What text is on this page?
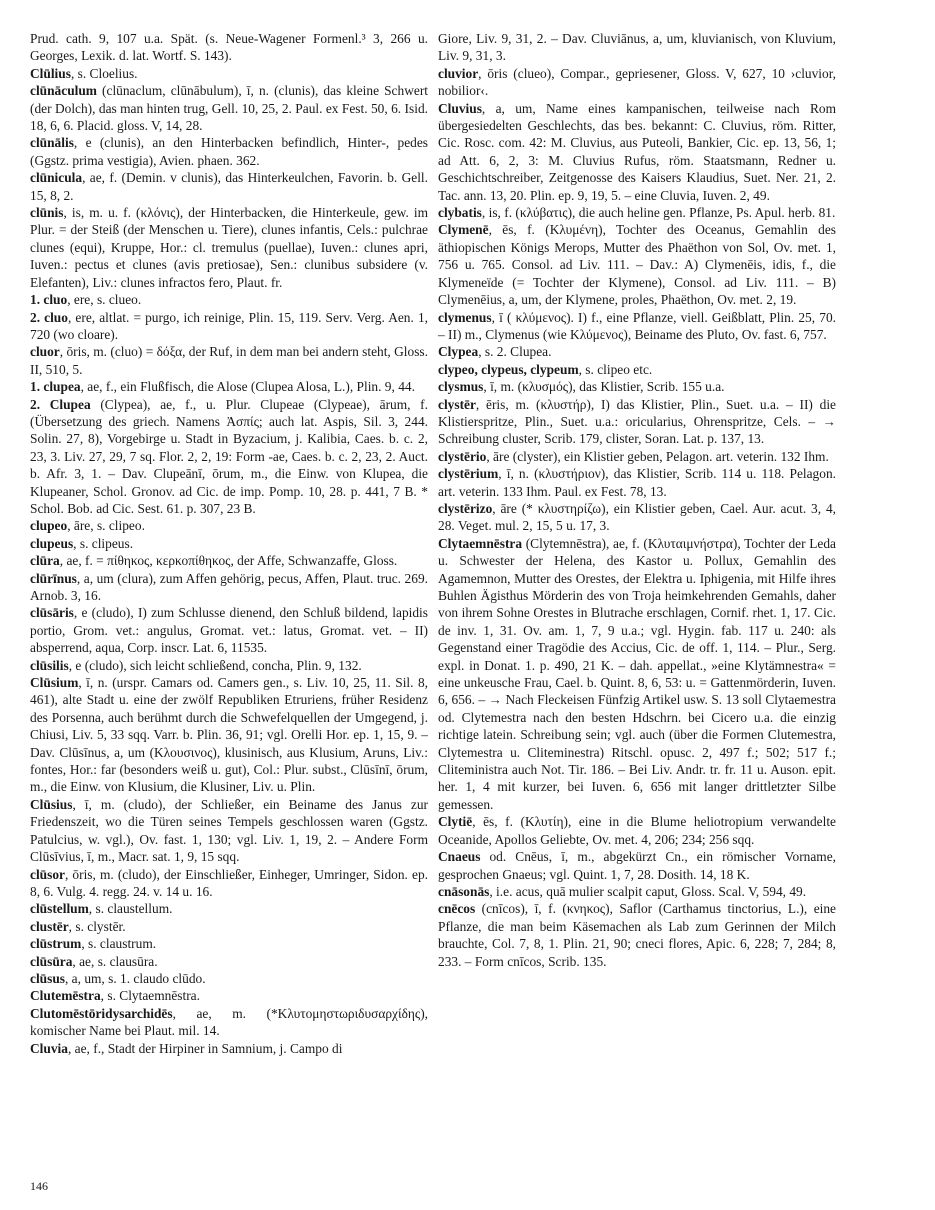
Prud. cath. 9, 107 u.a. Spät. (s. Neue-Wagener Formenl.³ 3, 266 u. Georges, Lexik. d. lat. Wortf. S. 143).

Clūlius, s. Cloelius.

clūnāculum (clūnaclum, clūnābulum), ī, n. (clunis), das kleine Schwert (der Dolch), das man hinten trug, Gell. 10, 25, 2. Paul. ex Fest. 50, 6. Isid. 18, 6, 6. Placid. gloss. V, 14, 28.

clūnālis, e (clunis), an den Hinterbacken befindlich, Hinter-, pedes (Ggstz. prima vestigia), Avien. phaen. 362.

clūnicula, ae, f. (Demin. v clunis), das Hinterkeulchen, Favorin. b. Gell. 15, 8, 2.

clūnis, is, m. u. f. (κλόνις), der Hinterbacken, die Hinterkeule, gew. im Plur. = der Steiß (der Menschen u. Tiere), clunes infantis, Cels.: pulchrae clunes (equi), Kruppe, Hor.: cl. tremulus (puellae), Iuven.: clunes apri, Iuven.: pectus et clunes (avis pretiosae), Sen.: clunibus subsidere (v. Elefanten), Liv.: clunes infractos fero, Plaut. fr.

1. cluo, ere, s. clueo.

2. cluo, ere, altlat. = purgo, ich reinige, Plin. 15, 119. Serv. Verg. Aen. 1, 720 (wo cloare).

cluor, ōris, m. (cluo) = δόξα, der Ruf, in dem man bei andern steht, Gloss. II, 510, 5.

1. clupea, ae, f., ein Flußfisch, die Alose (Clupea Alosa, L.), Plin. 9, 44.

2. Clupea (Clypea), ae, f., u. Plur. Clupeae (Clypeae), ārum, f. (Übersetzung des griech. Namens Ἀσπίς; auch lat. Aspis, Sil. 3, 244. Solin. 27, 8), Vorgebirge u. Stadt in Byzacium, j. Kalibia, Caes. b. c. 2, 23, 3. Liv. 27, 29, 7 sq. Flor. 2, 2, 19: Form -ae, Caes. b. c. 2, 23, 2. Auct. b. Afr. 3, 1. – Dav. Clupeānī, ōrum, m., die Einw. von Klupea, die Klupeaner, Schol. Gronov. ad Cic. de imp. Pomp. 10, 28. p. 441, 7 B. * Schol. Bob. ad Cic. Sest. 61. p. 307, 23 B.

clupeo, āre, s. clipeo.

clupeus, s. clipeus.

clūra, ae, f. = πίθηκος, κερκοπίθηκος, der Affe, Schwanzaffe, Gloss.

clūrīnus, a, um (clura), zum Affen gehörig, pecus, Affen, Plaut. truc. 269. Arnob. 3, 16.

clūsāris, e (cludo), I) zum Schlusse dienend, den Schluß bildend, lapidis portio, Grom. vet.: angulus, Gromat. vet.: latus, Gromat. vet. – II) absperrend, aqua, Corp. inscr. Lat. 6, 11535.

clūsilis, e (cludo), sich leicht schließend, concha, Plin. 9, 132.

Clūsium, ī, n. (urspr. Camars od. Camers gen., s. Liv. 10, 25, 11. Sil. 8, 461), alte Stadt u. eine der zwölf Republiken Etruriens, früher Residenz des Porsenna, auch berühmt durch die Schwefelquellen der Umgegend, j. Chiusi, Liv. 5, 33 sqq. Varr. b. Plin. 36, 91; vgl. Orelli Hor. ep. 1, 15, 9. – Dav. Clūsīnus, a, um (Κλουσινος), klusinisch, aus Klusium, Aruns, Liv.: fontes, Hor.: far (besonders weiß u. gut), Col.: Plur. subst., Clūsīnī, ōrum, m., die Einw. von Klusium, die Klusiner, Liv. u. Plin.

Clūsius, ī, m. (cludo), der Schließer, ein Beiname des Janus zur Friedenszeit, wo die Türen seines Tempels geschlossen waren (Ggstz. Patulcius, w. vgl.), Ov. fast. 1, 130; vgl. Liv. 1, 19, 2. – Andere Form Clūsīvius, ī, m., Macr. sat. 1, 9, 15 sqq.

clūsor, ōris, m. (cludo), der Einschließer, Einheger, Umringer, Sidon. ep. 8, 6. Vulg. 4. regg. 24. v. 14 u. 16.

clūstellum, s. claustellum.

clustēr, s. clystēr.

clūstrum, s. claustrum.

clūsūra, ae, s. clausūra.

clūsus, a, um, s. 1. claudo clūdo.

Clutemēstra, s. Clytaemnēstra.

Clutomēstōridysarchidēs, ae, m. (*Κλυτομηστωριδυσαρχίδης), komischer Name bei Plaut. mil. 14.

Cluvia, ae, f., Stadt der Hirpiner in Samnium, j. Campo di

Giore, Liv. 9, 31, 2. – Dav. Cluviānus, a, um, kluvianisch, von Kluvium, Liv. 9, 31, 3.

cluvior, ōris (clueo), Compar., gepriesener, Gloss. V, 627, 10 ›cluvior, nobilior‹.

Cluvius, a, um, Name eines kampanischen, teilweise nach Rom übergesiedelten Geschlechts, das bes. bekannt: C. Cluvius, röm. Ritter, Cic. Rosc. com. 42: M. Cluvius, aus Puteoli, Bankier, Cic. ep. 13, 56, 1; ad Att. 6, 2, 3: M. Cluvius Rufus, röm. Staatsmann, Redner u. Geschichtschreiber, Zeitgenosse des Kaisers Klaudius, Suet. Ner. 21, 2. Tac. ann. 13, 20. Plin. ep. 9, 19, 5. – eine Cluvia, Iuven. 2, 49.

clybatis, is, f. (κλύβατις), die auch heline gen. Pflanze, Ps. Apul. herb. 81.

Clymenē, ēs, f. (Κλυμένη), Tochter des Oceanus, Gemahlin des äthiopischen Königs Merops, Mutter des Phaëthon von Sol, Ov. met. 1, 756 u. 765. Consol. ad Liv. 111. – Dav.: A) Clymenēis, idis, f., die Klymeneïde (= Tochter der Klymene), Consol. ad Liv. 111. – B) Clymenēius, a, um, der Klymene, proles, Phaëthon, Ov. met. 2, 19.

clymenus, ī ( κλύμενος). I) f., eine Pflanze, viell. Geißblatt, Plin. 25, 70. – II) m., Clymenus (wie Κλύμενος), Beiname des Pluto, Ov. fast. 6, 757.

Clypea, s. 2. Clupea.

clypeo, clypeus, clypeum, s. clipeo etc.

clysmus, ī, m. (κλυσμός), das Klistier, Scrib. 155 u.a.

clystēr, ēris, m. (κλυστήρ), I) das Klistier, Plin., Suet. u.a. – II) die Klistierspritze, Plin., Suet. u.a.: oricularius, Ohrenspritze, Cels. – → Schreibung cluster, Scrib. 179, clister, Soran. Lat. p. 137, 13.

clystērio, āre (clyster), ein Klistier geben, Pelagon. art. veterin. 132 Ihm.

clystērium, ī, n. (κλυστήριον), das Klistier, Scrib. 114 u. 118. Pelagon. art. veterin. 133 Ihm. Paul. ex Fest. 78, 13.

clystērizo, āre (* κλυστηρίζω), ein Klistier geben, Cael. Aur. acut. 3, 4, 28. Veget. mul. 2, 15, 5 u. 17, 3.

Clytaemnēstra (Clytemnēstra), ae, f. (Κλυταιμνήστρα), Tochter der Leda u. Schwester der Helena, des Kastor u. Pollux, Gemahlin des Agamemnon, Mutter des Orestes, der Elektra u. Iphigenia, mit Hilfe ihres Buhlen Ägisthus Mörderin des von Troja heimkehrenden Gemahls, daher von ihrem Sohne Orestes in Blutrache erschlagen, Cornif. rhet. 1, 17. Cic. de inv. 1, 31. Ov. am. 1, 7, 9 u.a.; vgl. Hygin. fab. 117 u. 240: als Gegenstand einer Tragödie des Accius, Cic. de off. 1, 114. – Plur., Serg. expl. in Donat. 1. p. 490, 21 K. – dah. appellat., »eine Klytämnestra« = eine unkeusche Frau, Cael. b. Quint. 8, 6, 53: u. = Gattenmörderin, Iuven. 6, 656. – → Nach Fleckeisen Fünfzig Artikel usw. S. 13 soll Clytaemestra od. Clytemestra nach den besten Hdschrn. bei Cicero u.a. die einzig richtige latein. Schreibung sein; vgl. auch (über die Formen Clutemestra, Clytemestra u. Cliteminestra) Ritschl. opusc. 2, 497 f.; 502; 517 f.; Cliteministra auch Not. Tir. 186. – Bei Liv. Andr. tr. fr. 11 u. Auson. epit. her. 1, 4 mit kurzer, bei Iuven. 6, 656 mit langer drittletzter Silbe gemessen.

Clytiē, ēs, f. (Κλυτίη), eine in die Blume heliotropium verwandelte Oceanide, Apollos Geliebte, Ov. met. 4, 206; 234; 256 sqq.

Cnaeus od. Cnēus, ī, m., abgekürzt Cn., ein römischer Vorname, gesprochen Gnaeus; vgl. Quint. 1, 7, 28. Dosith. 14, 18 K.

cnāsonās, i.e. acus, quā mulier scalpit caput, Gloss. Scal. V, 594, 49.

cnēcos (cnīcos), ī, f. (κνηκος), Saflor (Carthamus tinctorius, L.), eine Pflanze, die man beim Käsemachen als Lab zum Gerinnen der Milch brauchte, Col. 7, 8, 1. Plin. 21, 90; cneci flores, Apic. 6, 228; 7, 284; 8, 233. – Form cnīcos, Scrib. 135.

146
